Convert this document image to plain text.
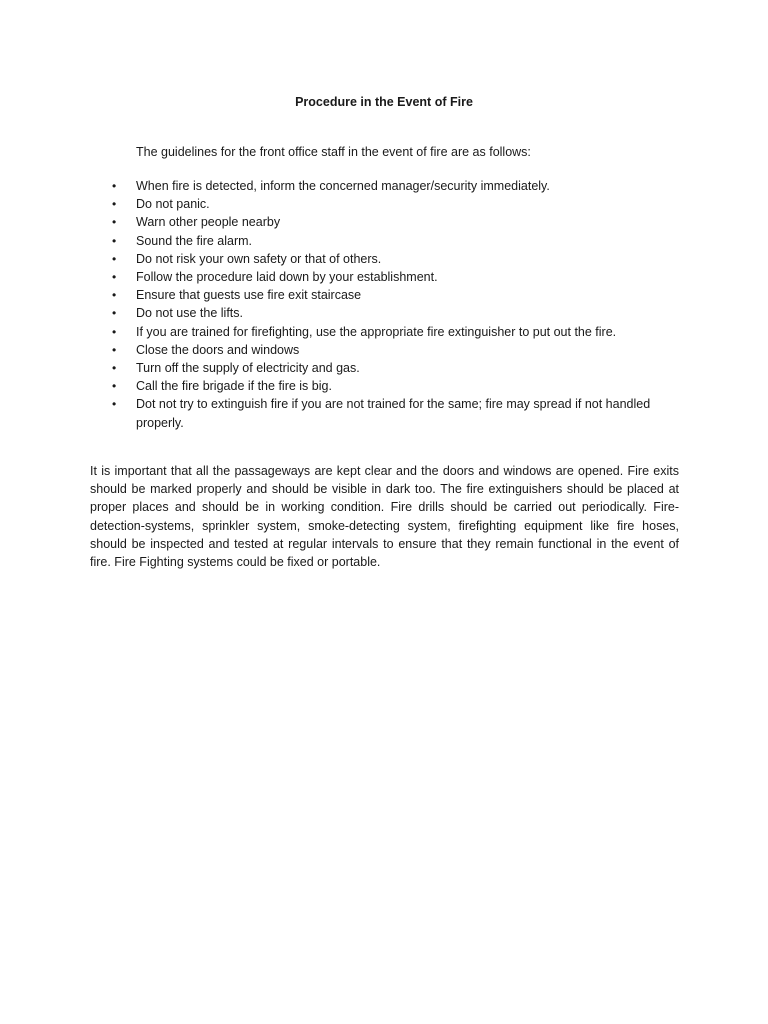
Procedure in the Event of Fire

The guidelines for the front office staff in the event of fire are as follows:

•	When fire is detected, inform the concerned manager/security immediately.
•	Do not panic.
•	Warn other people nearby
•	Sound the fire alarm.
•	Do not risk your own safety or that of others.
•	Follow the procedure laid down by your establishment.
•	Ensure that guests use fire exit staircase
•	Do not use the lifts.
•	If you are trained for firefighting, use the appropriate fire extinguisher to put out the fire.
•	Close the doors and windows
•	Turn off the supply of electricity and gas.
•	Call the fire brigade if the fire is big.
•	Dot not try to extinguish fire if you are not trained for the same; fire may spread if not handled properly.

It is important that all the passageways are kept clear and the doors and windows are opened. Fire exits should be marked properly and should be visible in dark too. The fire extinguishers should be placed at proper places and should be in working condition. Fire drills should be carried out periodically. Fire-detection-systems, sprinkler system, smoke-detecting system, firefighting equipment like fire hoses, should be inspected and tested at regular intervals to ensure that they remain functional in the event of fire. Fire Fighting systems could be fixed or portable.
